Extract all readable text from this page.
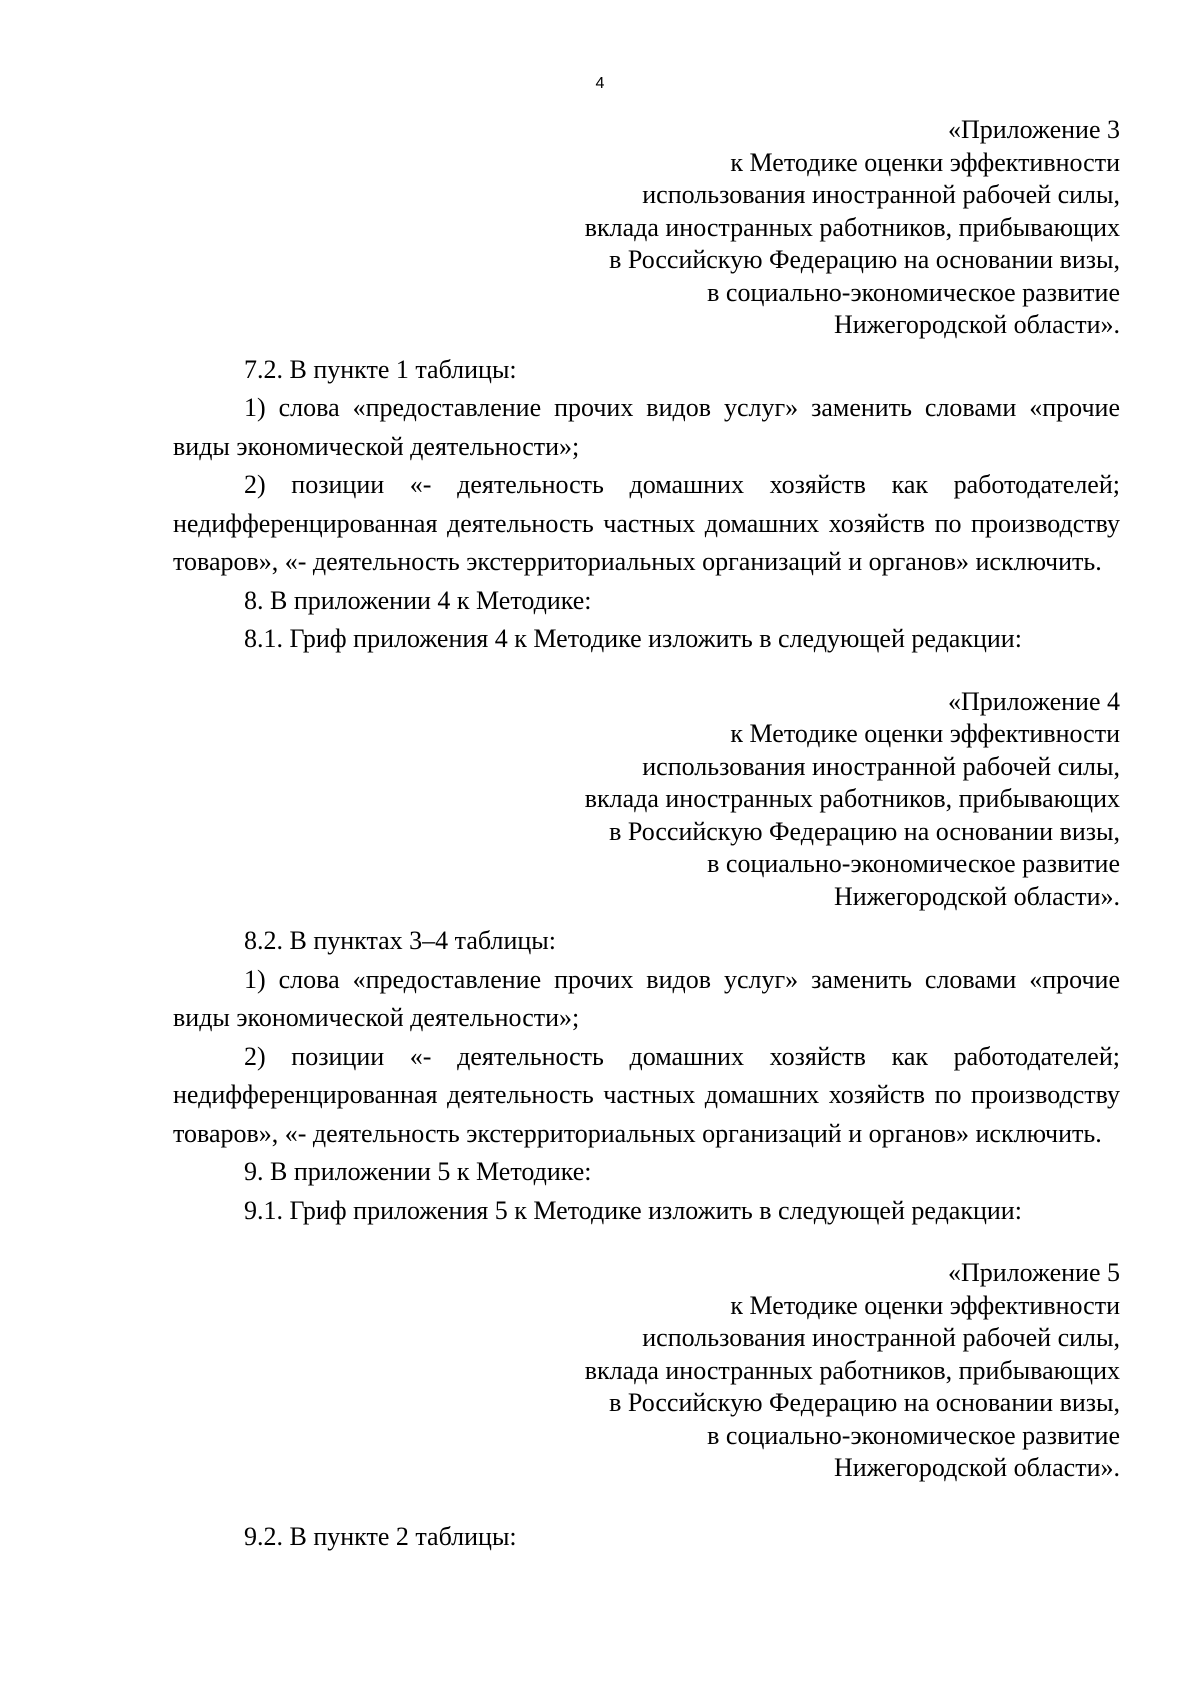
4
«Приложение 3
к Методике оценки эффективности
использования иностранной рабочей силы,
вклада иностранных работников, прибывающих
в Российскую Федерацию на основании визы,
в социально-экономическое развитие
Нижегородской области».

7.2. В пункте 1 таблицы:

1) слова «предоставление прочих видов услуг» заменить словами «прочие виды экономической деятельности»;

2) позиции «- деятельность домашних хозяйств как работодателей; недифференцированная деятельность частных домашних хозяйств по производству товаров», «- деятельность экстерриториальных организаций и органов» исключить.

8. В приложении 4 к Методике:

8.1. Гриф приложения 4 к Методике изложить в следующей редакции:

«Приложение 4
к Методике оценки эффективности
использования иностранной рабочей силы,
вклада иностранных работников, прибывающих
в Российскую Федерацию на основании визы,
в социально-экономическое развитие
Нижегородской области».

8.2. В пунктах 3–4 таблицы:

1) слова «предоставление прочих видов услуг» заменить словами «прочие виды экономической деятельности»;

2) позиции «- деятельность домашних хозяйств как работодателей; недифференцированная деятельность частных домашних хозяйств по производству товаров», «- деятельность экстерриториальных организаций и органов» исключить.

9. В приложении 5 к Методике:

9.1. Гриф приложения 5 к Методике изложить в следующей редакции:

«Приложение 5
к Методике оценки эффективности
использования иностранной рабочей силы,
вклада иностранных работников, прибывающих
в Российскую Федерацию на основании визы,
в социально-экономическое развитие
Нижегородской области».

9.2. В пункте 2 таблицы:
